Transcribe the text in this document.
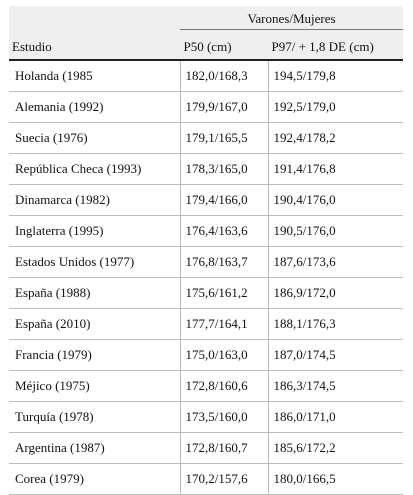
	Varones/Mujeres	
Estudio	P50 (cm)	P97/ + 1,8 DE (cm)
Holanda (1985	182,0/168,3	194,5/179,8
Alemania (1992)	179,9/167,0	192,5/179,0
Suecia (1976)	179,1/165,5	192,4/178,2
República Checa (1993)	178,3/165,0	191,4/176,8
Dinamarca (1982)	179,4/166,0	190,4/176,0
Inglaterra (1995)	176,4/163,6	190,5/176,0
Estados Unidos (1977)	176,8/163,7	187,6/173,6
España (1988)	175,6/161,2	186,9/172,0
España (2010)	177,7/164,1	188,1/176,3
Francia (1979)	175,0/163,0	187,0/174,5
Méjico (1975)	172,8/160,6	186,3/174,5
Turquía (1978)	173,5/160,0	186,0/171,0
Argentina (1987)	172,8/160,7	185,6/172,2
Corea (1979)	170,2/157,6	180,0/166,5
